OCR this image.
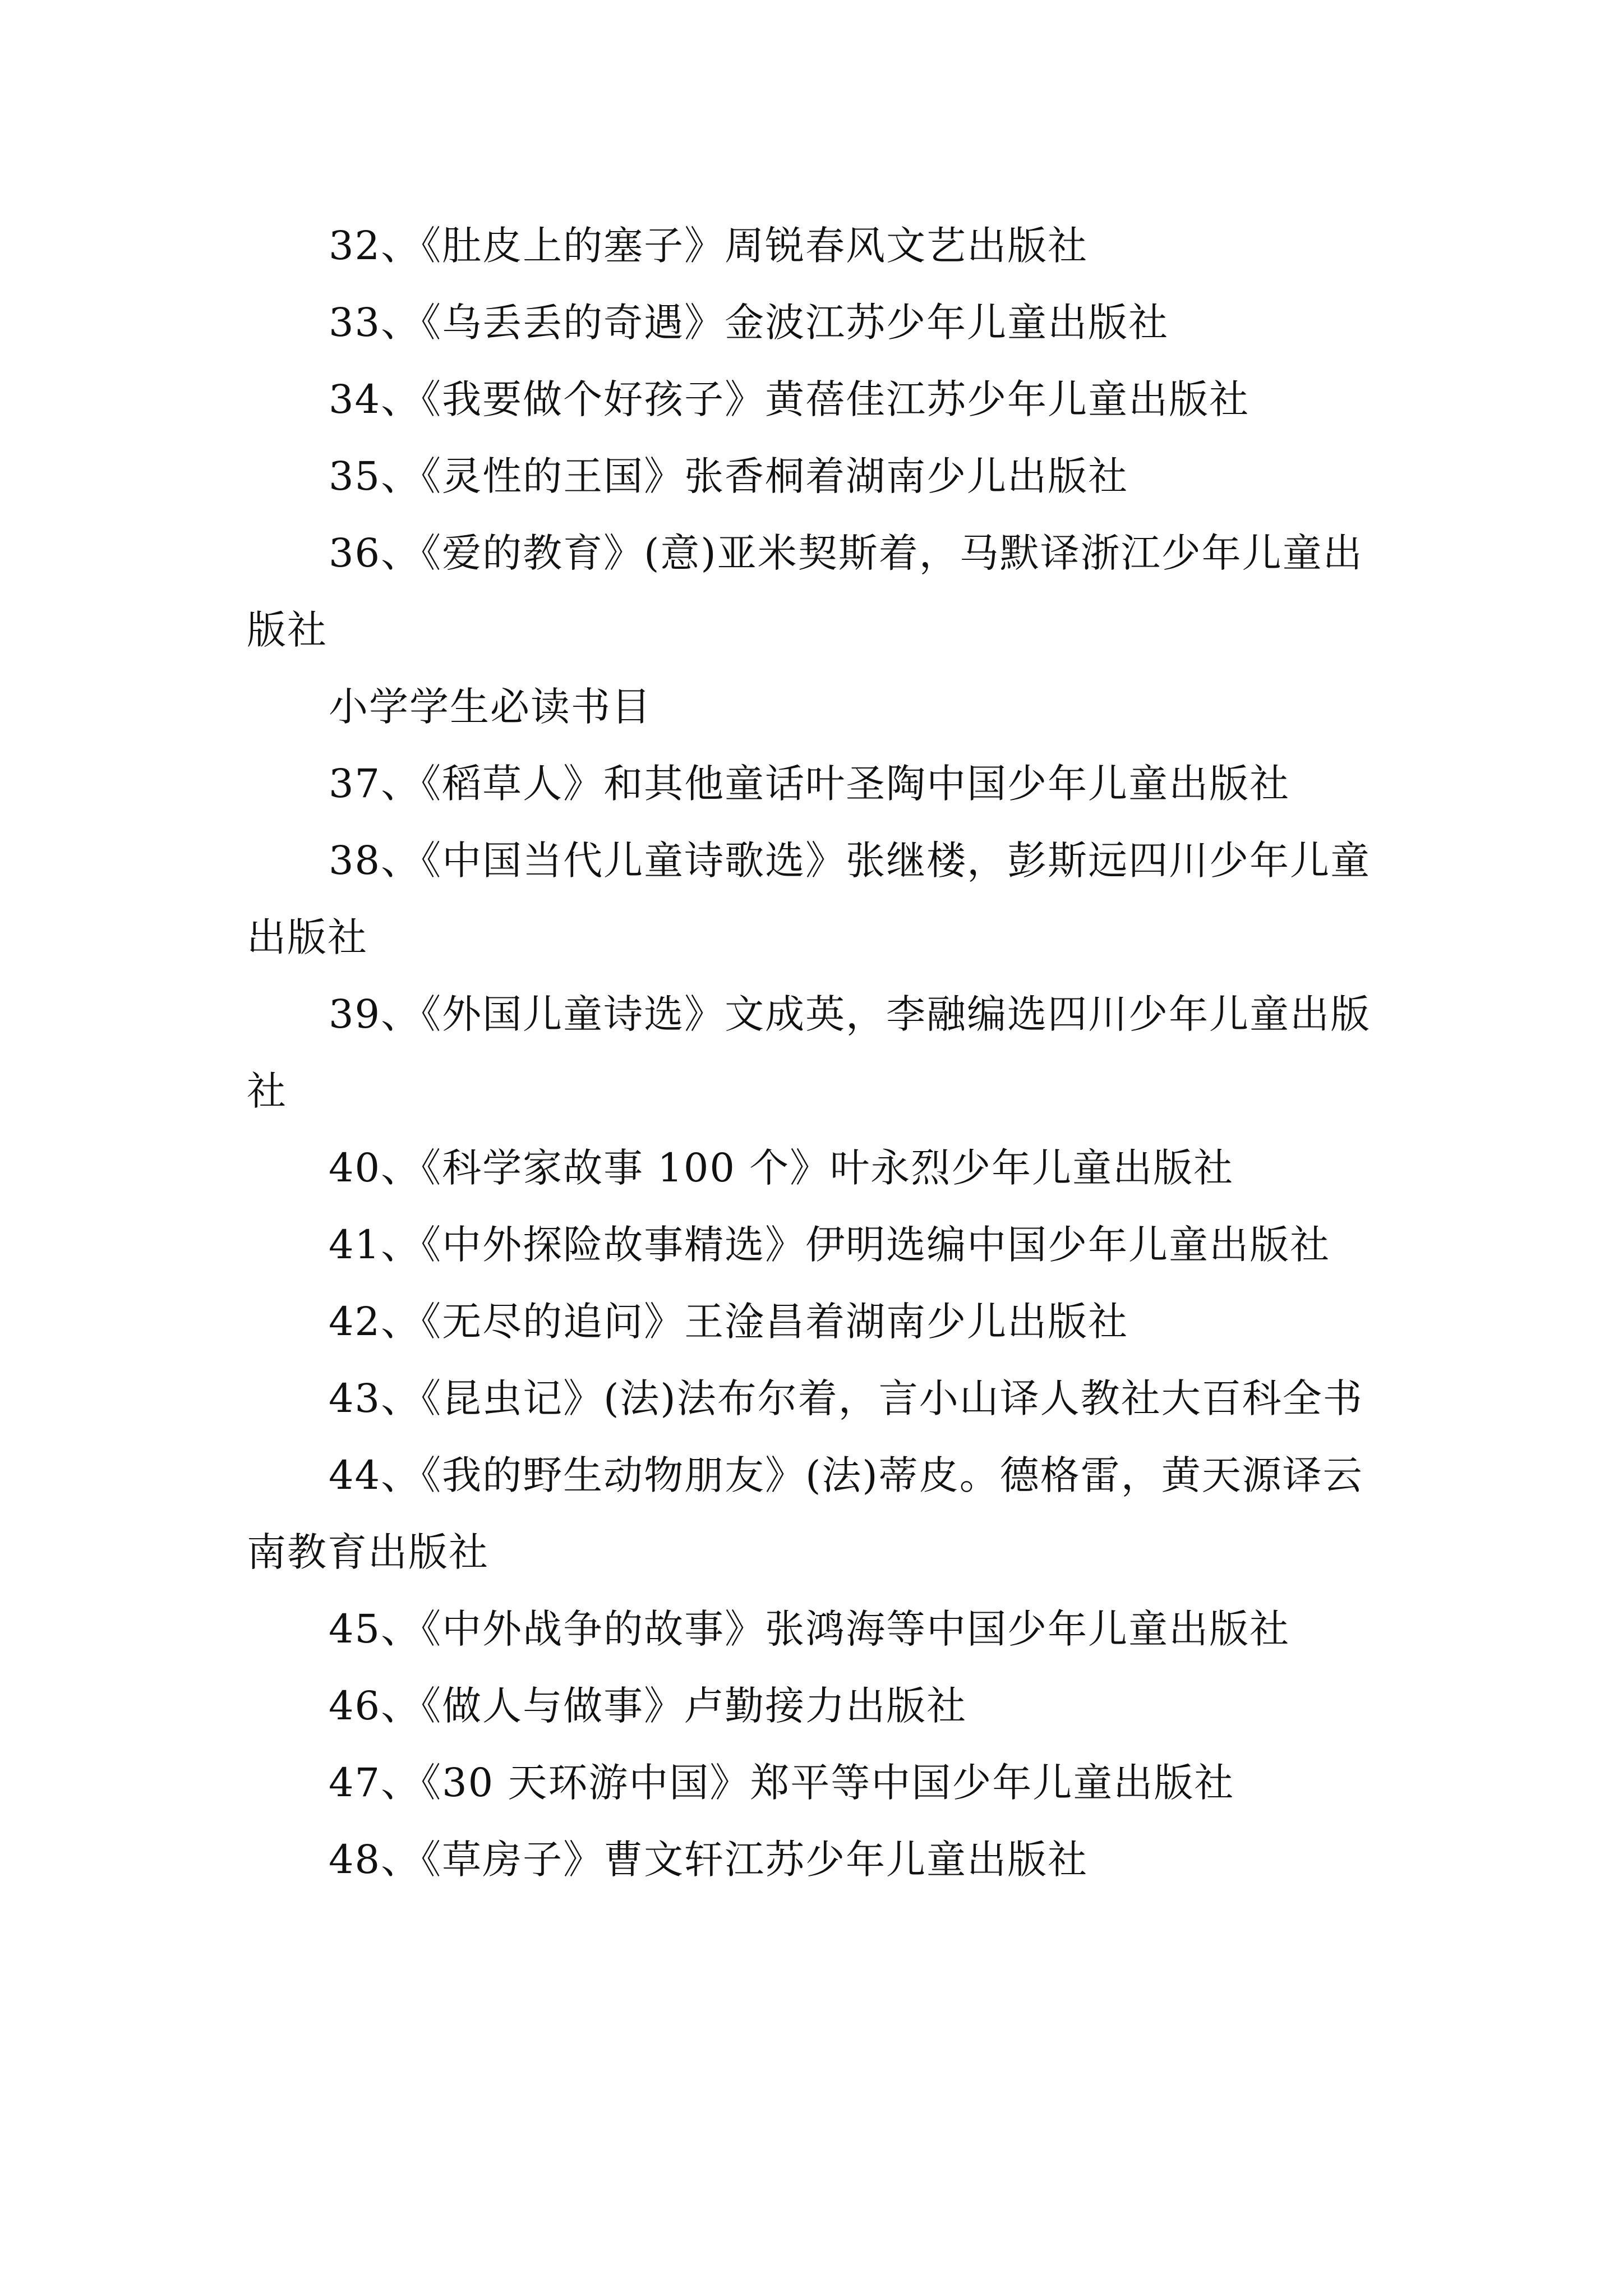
32、《肚皮上的塞子》周锐春风文艺出版社

33、《乌丢丢的奇遇》金波江苏少年儿童出版社

34、《我要做个好孩子》黄蓓佳江苏少年儿童出版社

35、《灵性的王国》张香桐着湖南少儿出版社

36、《爱的教育》(意)亚米契斯着，马默译浙江少年儿童出版社

小学学生必读书目

37、《稻草人》和其他童话叶圣陶中国少年儿童出版社

38、《中国当代儿童诗歌选》张继楼，彭斯远四川少年儿童出版社

39、《外国儿童诗选》文成英，李融编选四川少年儿童出版社

40、《科学家故事 100 个》叶永烈少年儿童出版社

41、《中外探险故事精选》伊明选编中国少年儿童出版社

42、《无尽的追问》王淦昌着湖南少儿出版社

43、《昆虫记》(法)法布尔着，言小山译人教社大百科全书

44、《我的野生动物朋友》(法)蒂皮。德格雷，黄天源译云南教育出版社

45、《中外战争的故事》张鸿海等中国少年儿童出版社

46、《做人与做事》卢勤接力出版社

47、《30 天环游中国》郑平等中国少年儿童出版社

48、《草房子》曹文轩江苏少年儿童出版社
